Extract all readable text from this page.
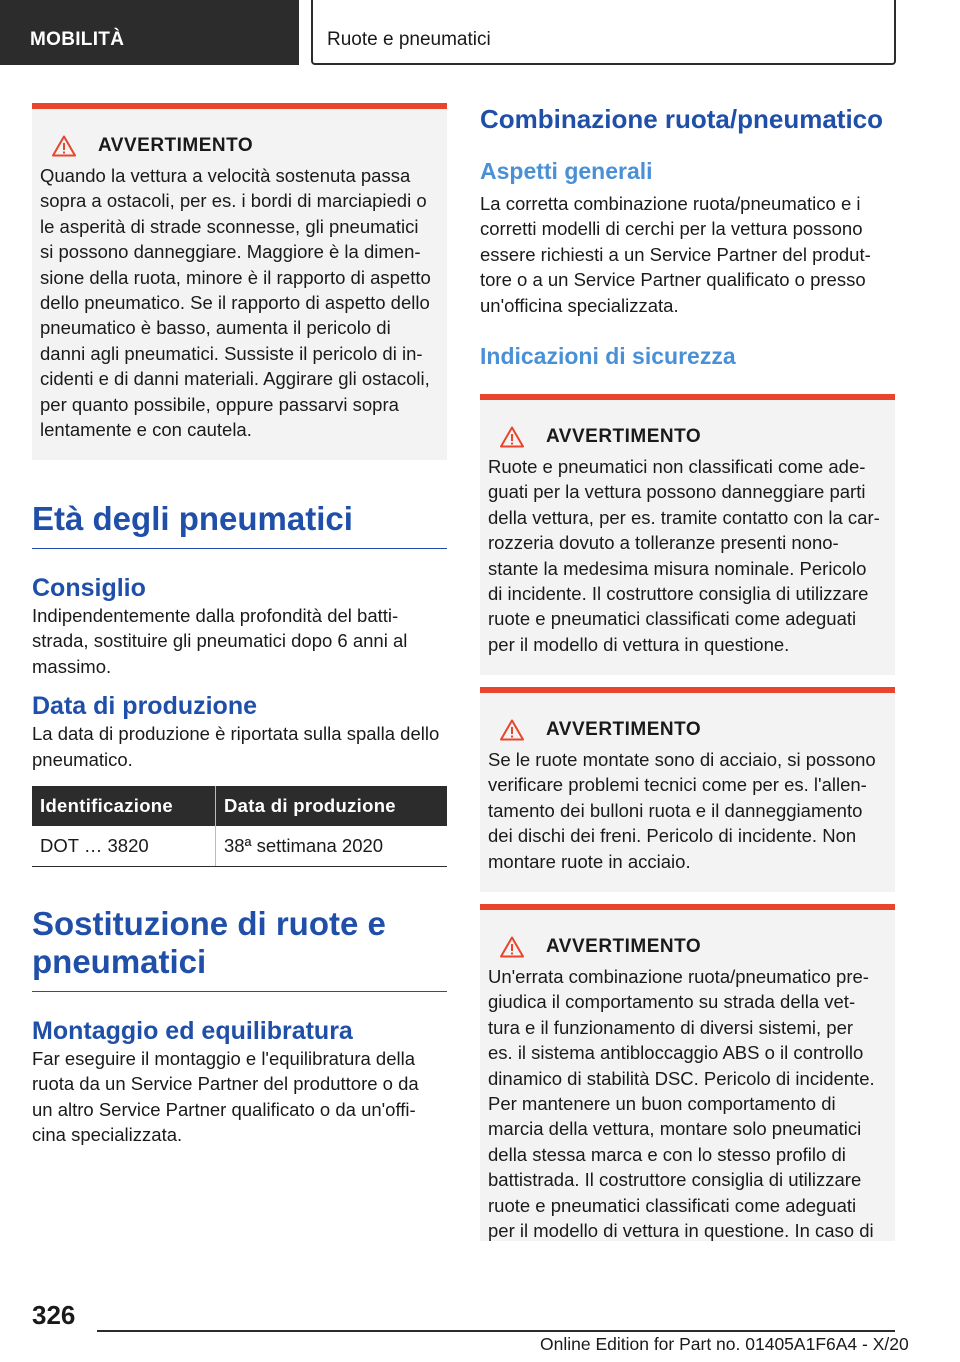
MOBILITÀ	Ruote e pneumatici
AVVERTIMENTO
Quando la vettura a velocità sostenuta passa
sopra a ostacoli, per es. i bordi di marciapiedi o
le asperità di strade sconnesse, gli pneumatici
si possono danneggiare. Maggiore è la dimen‐
sione della ruota, minore è il rapporto di aspetto
dello pneumatico. Se il rapporto di aspetto dello
pneumatico è basso, aumenta il pericolo di
danni agli pneumatici. Sussiste il pericolo di in‐
cidenti e di danni materiali. Aggirare gli ostacoli,
per quanto possibile, oppure passarvi sopra
lentamente e con cautela.
Età degli pneumatici
Consiglio

Indipendentemente dalla profondità del batti‐
strada, sostituire gli pneumatici dopo 6 anni al
massimo.

Data di produzione

La data di produzione è riportata sulla spalla dello
pneumatico.

Identificazione	Data di produzione
DOT … 3820	38ª settimana 2020
Sostituzione di ruote e
pneumatici
Montaggio ed equilibratura

Far eseguire il montaggio e l'equilibratura della
ruota da un Service Partner del produttore o da
un altro Service Partner qualificato o da un'offi‐
cina specializzata.

Combinazione ruota/pneumatico
Aspetti generali

La corretta combinazione ruota/pneumatico e i
corretti modelli di cerchi per la vettura possono
essere richiesti a un Service Partner del produt‐
tore o a un Service Partner qualificato o presso
un'officina specializzata.

Indicazioni di sicurezza
AVVERTIMENTO
Ruote e pneumatici non classificati come ade‐
guati per la vettura possono danneggiare parti
della vettura, per es. tramite contatto con la car‐
rozzeria dovuto a tolleranze presenti nono‐
stante la medesima misura nominale. Pericolo
di incidente. Il costruttore consiglia di utilizzare
ruote e pneumatici classificati come adeguati
per il modello di vettura in questione.
AVVERTIMENTO
Se le ruote montate sono di acciaio, si possono
verificare problemi tecnici come per es. l'allen‐
tamento dei bulloni ruota e il danneggiamento
dei dischi dei freni. Pericolo di incidente. Non
montare ruote in acciaio.
AVVERTIMENTO
Un'errata combinazione ruota/pneumatico pre‐
giudica il comportamento su strada della vet‐
tura e il funzionamento di diversi sistemi, per
es. il sistema antibloccaggio ABS o il controllo
dinamico di stabilità DSC. Pericolo di incidente.
Per mantenere un buon comportamento di
marcia della vettura, montare solo pneumatici
della stessa marca e con lo stesso profilo di
battistrada. Il costruttore consiglia di utilizzare
ruote e pneumatici classificati come adeguati
per il modello di vettura in questione. In caso di
326
Online Edition for Part no. 01405A1F6A4 - X/20
